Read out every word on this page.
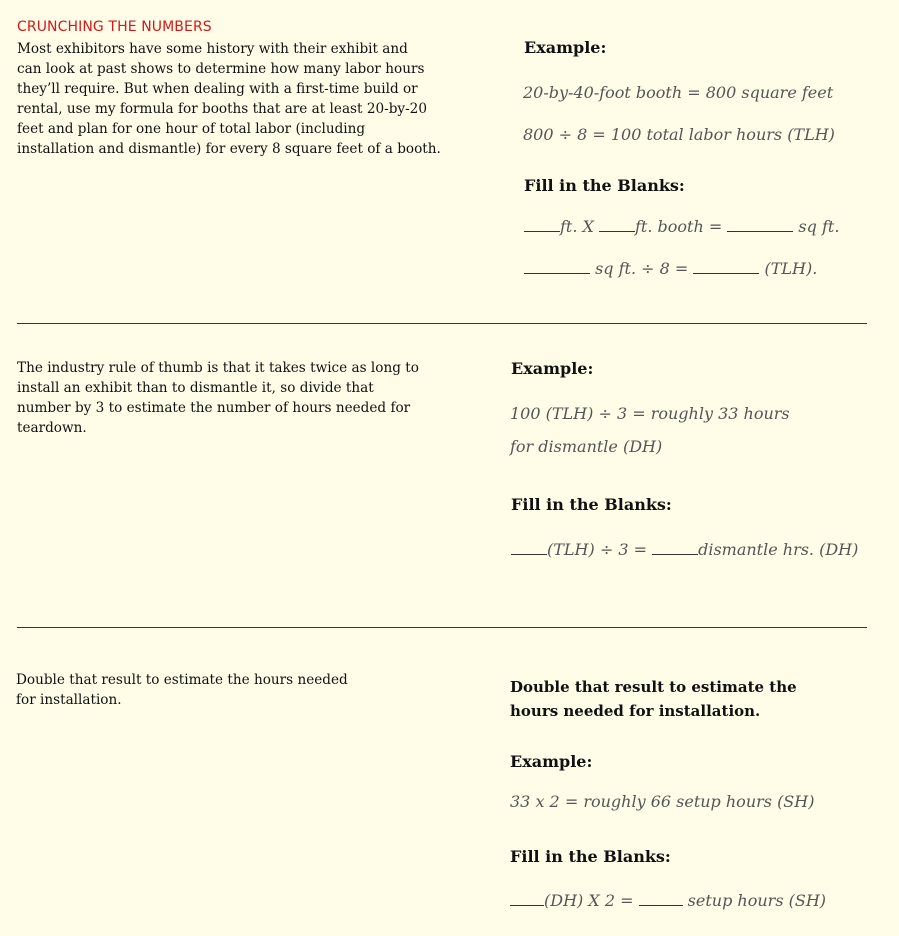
CRUNCHING THE NUMBERS
Most exhibitors have some history with their exhibit and
can look at past shows to determine how many labor hours
they’ll require. But when dealing with a first-time build or
rental, use my formula for booths that are at least 20-by-20
feet and plan for one hour of total labor (including
installation and dismantle) for every 8 square feet of a booth.
Example:
20-by-40-foot booth = 800 square feet
800 ÷ 8 = 100 total labor hours (TLH)
Fill in the Blanks:
ft. X ft. booth =	sq ft.
sq ft. ÷ 8 =	(TLH).
The industry rule of thumb is that it takes twice as long to
install an exhibit than to dismantle it, so divide that
number by 3 to estimate the number of hours needed for
teardown.
Example:
100 (TLH) ÷ 3 = roughly 33 hours
for dismantle (DH)
Fill in the Blanks:
(TLH) ÷ 3 =	dismantle hrs. (DH)
Double that result to estimate the hours needed
for installation.
Double that result to estimate the
hours needed for installation.
Example:
33 x 2 = roughly 66 setup hours (SH)
Fill in the Blanks:
(DH) X 2 =	setup hours (SH)
